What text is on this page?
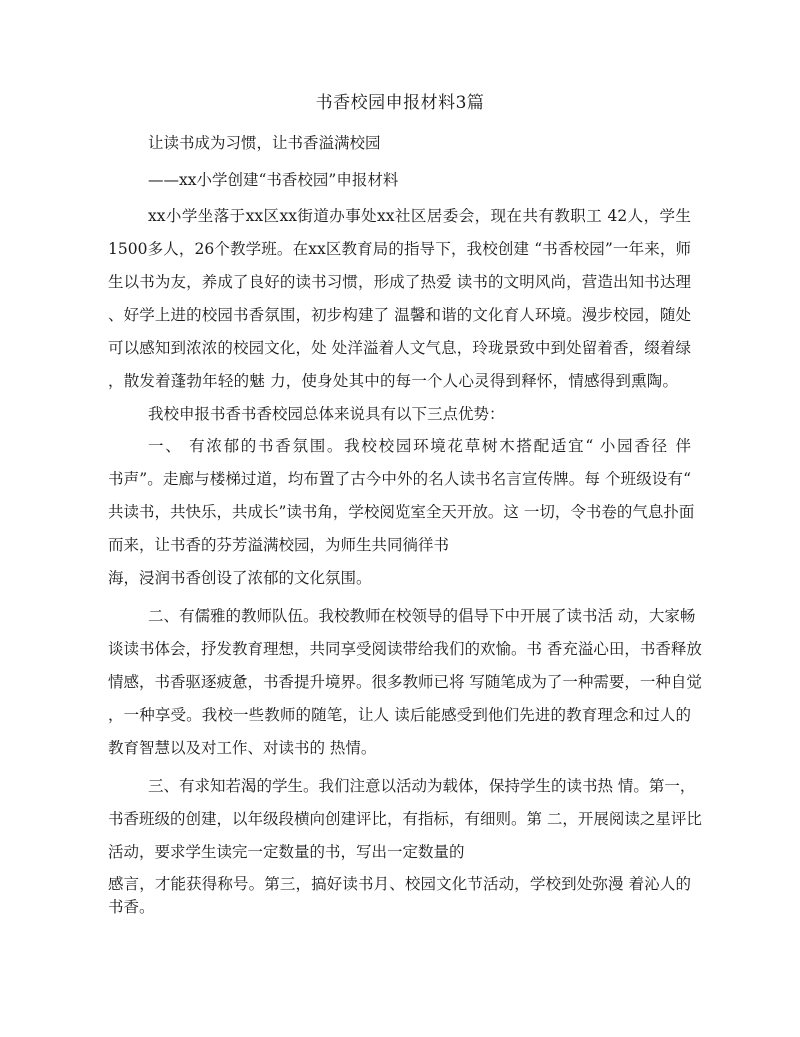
书香校园申报材料3篇
让读书成为习惯，让书香溢满校园
——xx小学创建“书香校园”申报材料
xx小学坐落于xx区xx街道办事处xx社区居委会，现在共有教职工 42人，学生
1500多人，26个教学班。在xx区教育局的指导下，我校创建 “书香校园”一年来，师
生以书为友，养成了良好的读书习惯，形成了热爱 读书的文明风尚，营造出知书达理
、好学上进的校园书香氛围，初步构建了 温馨和谐的文化育人环境。漫步校园，随处
可以感知到浓浓的校园文化，处 处洋溢着人文气息，玲珑景致中到处留着香，缀着绿
，散发着蓬勃年轻的魅 力，使身处其中的每一个人心灵得到释怀，情感得到熏陶。
我校申报书香书香校园总体来说具有以下三点优势：
一、 有浓郁的书香氛围。我校校园环境花草树木搭配适宜“ 小园香径 伴
书声”。走廊与楼梯过道，均布置了古今中外的名人读书名言宣传牌。每 个班级设有“
共读书，共快乐，共成长”读书角，学校阅览室全天开放。这 一切，令书卷的气息扑面
而来，让书香的芬芳溢满校园，为师生共同徜徉书
海，浸润书香创设了浓郁的文化氛围。
二、有儒雅的教师队伍。我校教师在校领导的倡导下中开展了读书活 动，大家畅
谈读书体会，抒发教育理想，共同享受阅读带给我们的欢愉。书 香充溢心田，书香释放
情感，书香驱逐疲惫，书香提升境界。很多教师已将 写随笔成为了一种需要，一种自觉
，一种享受。我校一些教师的随笔，让人 读后能感受到他们先进的教育理念和过人的
教育智慧以及对工作、对读书的 热情。
三、有求知若渴的学生。我们注意以活动为载体，保持学生的读书热 情。第一，
书香班级的创建，以年级段横向创建评比，有指标，有细则。第 二，开展阅读之星评比
活动，要求学生读完一定数量的书，写出一定数量的
感言，才能获得称号。第三，搞好读书月、校园文化节活动，学校到处弥漫 着沁人的
书香。
